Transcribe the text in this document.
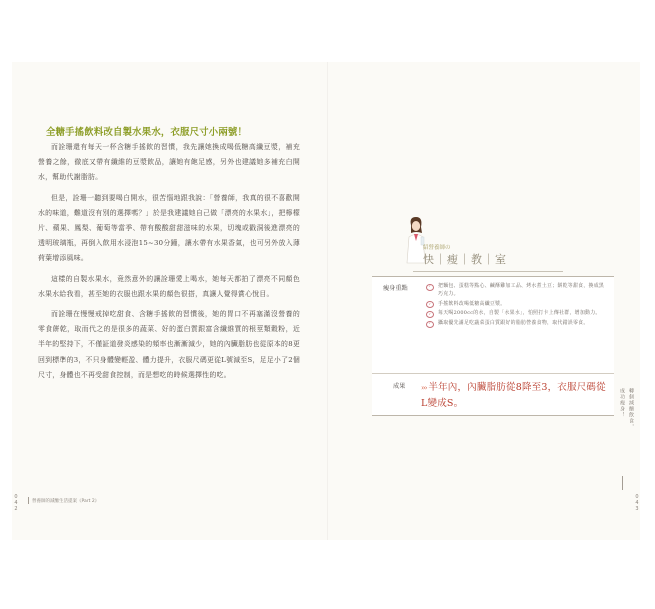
全糖手搖飲料改自製水果水，衣服尺寸小兩號！

而詮珊還有每天一杯含糖手搖飲的習慣，我先讓她換成喝低糖高纖豆漿，補充營養之餘，徹底又帶有纖維的豆漿飲品，讓她有飽足感，另外也建議她多補充白開水，幫助代謝脂肪。

但是，詮珊一聽到要喝白開水，很苦惱地跟我說：「營養師，我真的很不喜歡開水的味道，難道沒有別的選擇嗎？」於是我建議她自己做「漂亮的水果水」，把檸檬片、蘋果、鳳梨、葡萄等當季、帶有酸酸甜甜滋味的水果，切塊或戳洞後進漂亮的透明玻璃瓶，再倒入飲用水浸泡15~30分鐘，讓水帶有水果香氣，也可另外放入薄荷葉增添風味。

這樣的自製水果水，竟然意外的讓詮珊愛上喝水，她每天都拍了漂亮不同顏色水果水給我看，甚至她的衣服也跟水果的顏色很搭，真讓人覺得賞心悅目。

而詮珊在慢慢戒掉吃甜食、含糖手搖飲的習慣後，她的胃口不再塞滿沒營養的零食餅乾，取而代之的是很多的蔬菜、好的蛋白質跟富含纖維質的根莖類穀粉，近半年的堅持下，不僅証道發炎感染的頻率也漸漸減少，她的內臟脂肪也從原本的8更回到標準的3，不只身體變輕盈、體力提升，衣服尺碼更從L號減至S，足足小了2個尺寸，身體也不再受甜食控制，而是想吃的時候選擇性的吃。

0
4
2
營養師的減醣生活提案《Part 2》
紹營養師の
快｜瘦｜教｜室
瘦身重點	✓	把麵包、蛋糕等點心、鹹酥雞加工品、烤水煮土豆；餅乾等甜食，換成黑巧克力。
✓	手搖飲料改喝低糖高纖豆漿。
✓	每天喝2000cc的水，自製「水果水」，怕照打卡上傳社群，增加動力。
✓	攝取優先滿足吃蔬菜蛋白質跟好的脂肪營養食物，取代錯誤零食。
成果 ››› 半年內，內臟脂肪從8降至3，衣服尺碼從L變成S。	成功瘦身！ 轉個減醣飲食，
0
4
3
